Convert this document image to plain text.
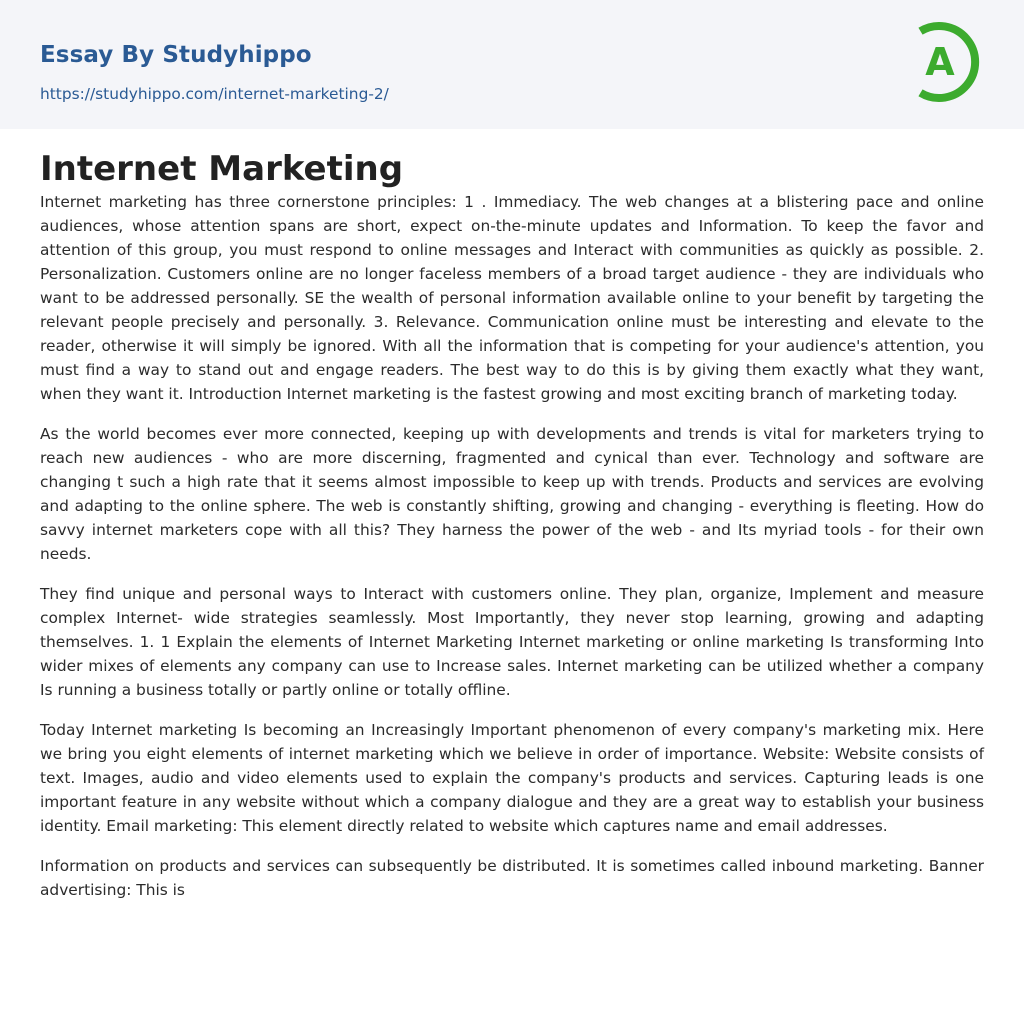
Essay By Studyhippo
https://studyhippo.com/internet-marketing-2/
A
Internet Marketing

Internet marketing has three cornerstone principles: 1 . Immediacy. The web changes at a blistering pace and online audiences, whose attention spans are short, expect on-the-minute updates and Information. To keep the favor and attention of this group, you must respond to online messages and Interact with communities as quickly as possible. 2. Personalization. Customers online are no longer faceless members of a broad target audience - they are individuals who want to be addressed personally. SE the wealth of personal information available online to your benefit by targeting the relevant people precisely and personally. 3. Relevance. Communication online must be interesting and elevate to the reader, otherwise it will simply be ignored. With all the information that is competing for your audience's attention, you must find a way to stand out and engage readers. The best way to do this is by giving them exactly what they want, when they want it. Introduction Internet marketing is the fastest growing and most exciting branch of marketing today.

As the world becomes ever more connected, keeping up with developments and trends is vital for marketers trying to reach new audiences - who are more discerning, fragmented and cynical than ever. Technology and software are changing t such a high rate that it seems almost impossible to keep up with trends. Products and services are evolving and adapting to the online sphere. The web is constantly shifting, growing and changing - everything is fleeting. How do savvy internet marketers cope with all this? They harness the power of the web - and Its myriad tools - for their own needs.

They find unique and personal ways to Interact with customers online. They plan, organize, Implement and measure complex Internet- wide strategies seamlessly. Most Importantly, they never stop learning, growing and adapting themselves. 1. 1 Explain the elements of Internet Marketing Internet marketing or online marketing Is transforming Into wider mixes of elements any company can use to Increase sales. Internet marketing can be utilized whether a company Is running a business totally or partly online or totally offline.

Today Internet marketing Is becoming an Increasingly Important phenomenon of every company's marketing mix. Here we bring you eight elements of internet marketing which we believe in order of importance. Website: Website consists of text. Images, audio and video elements used to explain the company's products and services. Capturing leads is one important feature in any website without which a company dialogue and they are a great way to establish your business identity. Email marketing: This element directly related to website which captures name and email addresses.

Information on products and services can subsequently be distributed. It is sometimes called inbound marketing. Banner advertising: This is
